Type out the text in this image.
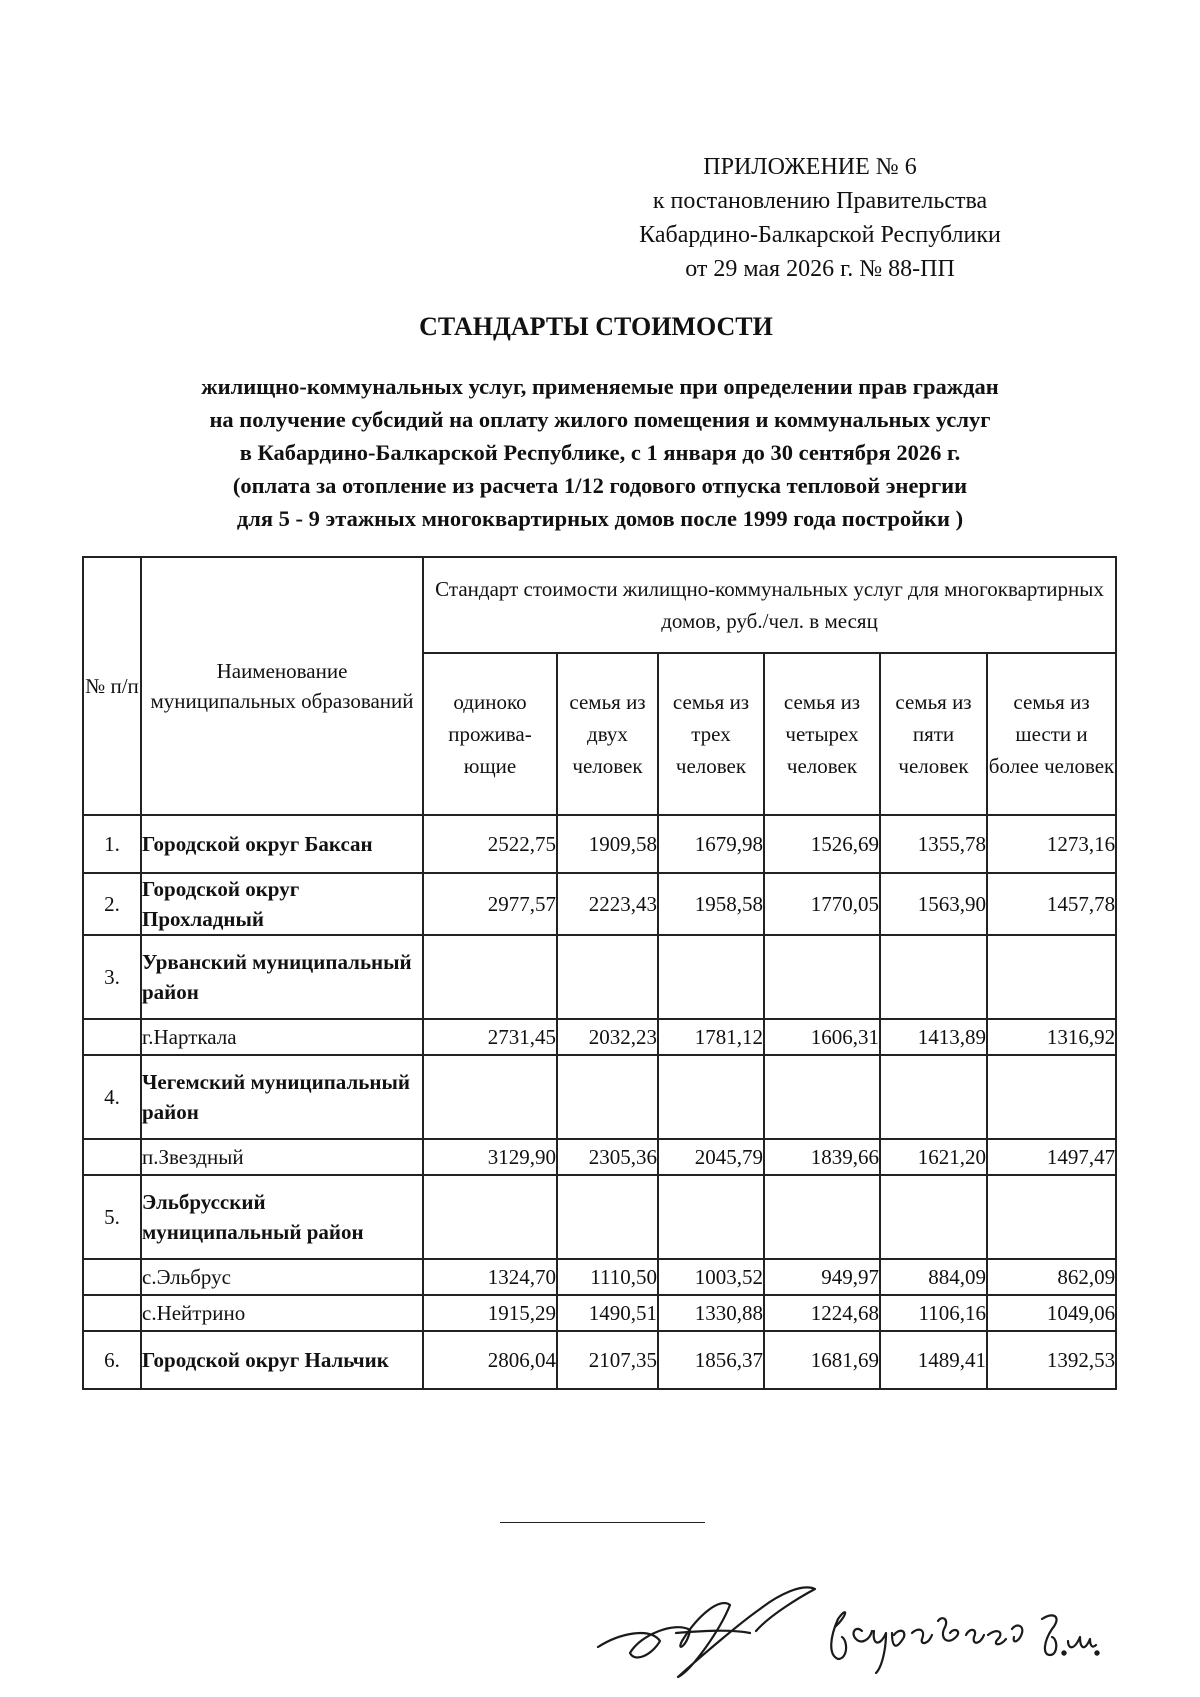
ПРИЛОЖЕНИЕ № 6
к постановлению Правительства
Кабардино-Балкарской Республики
от 29 мая 2026 г. № 88-ПП
СТАНДАРТЫ СТОИМОСТИ
жилищно-коммунальных услуг, применяемые при определении прав граждан
на получение субсидий на оплату жилого помещения и коммунальных услуг
в Кабардино-Балкарской Республике, с 1 января до 30 сентября 2026 г.
(оплата за отопление из расчета 1/12 годового отпуска тепловой энергии
для 5 - 9 этажных многоквартирных домов после 1999 года постройки )
№ п/п	Наименование муниципальных образований	Стандарт стоимости жилищно-коммунальных услуг для многоквартирных домов, руб./чел. в месяц					
		одиноко прожива-ющие	семья из двух человек	семья из трех человек	семья из четырех человек	семья из пяти человек	семья из шести и более человек
1.	Городской округ Баксан	2522,75	1909,58	1679,98	1526,69	1355,78	1273,16
2.	Городской округ Прохладный	2977,57	2223,43	1958,58	1770,05	1563,90	1457,78
3.	Урванский муниципальный район						
	г.Нарткала	2731,45	2032,23	1781,12	1606,31	1413,89	1316,92
4.	Чегемский муниципальный район						
	п.Звездный	3129,90	2305,36	2045,79	1839,66	1621,20	1497,47
5.	Эльбрусский муниципальный район						
	с.Эльбрус	1324,70	1110,50	1003,52	949,97	884,09	862,09
	с.Нейтрино	1915,29	1490,51	1330,88	1224,68	1106,16	1049,06
6.	Городской округ Нальчик	2806,04	2107,35	1856,37	1681,69	1489,41	1392,53
